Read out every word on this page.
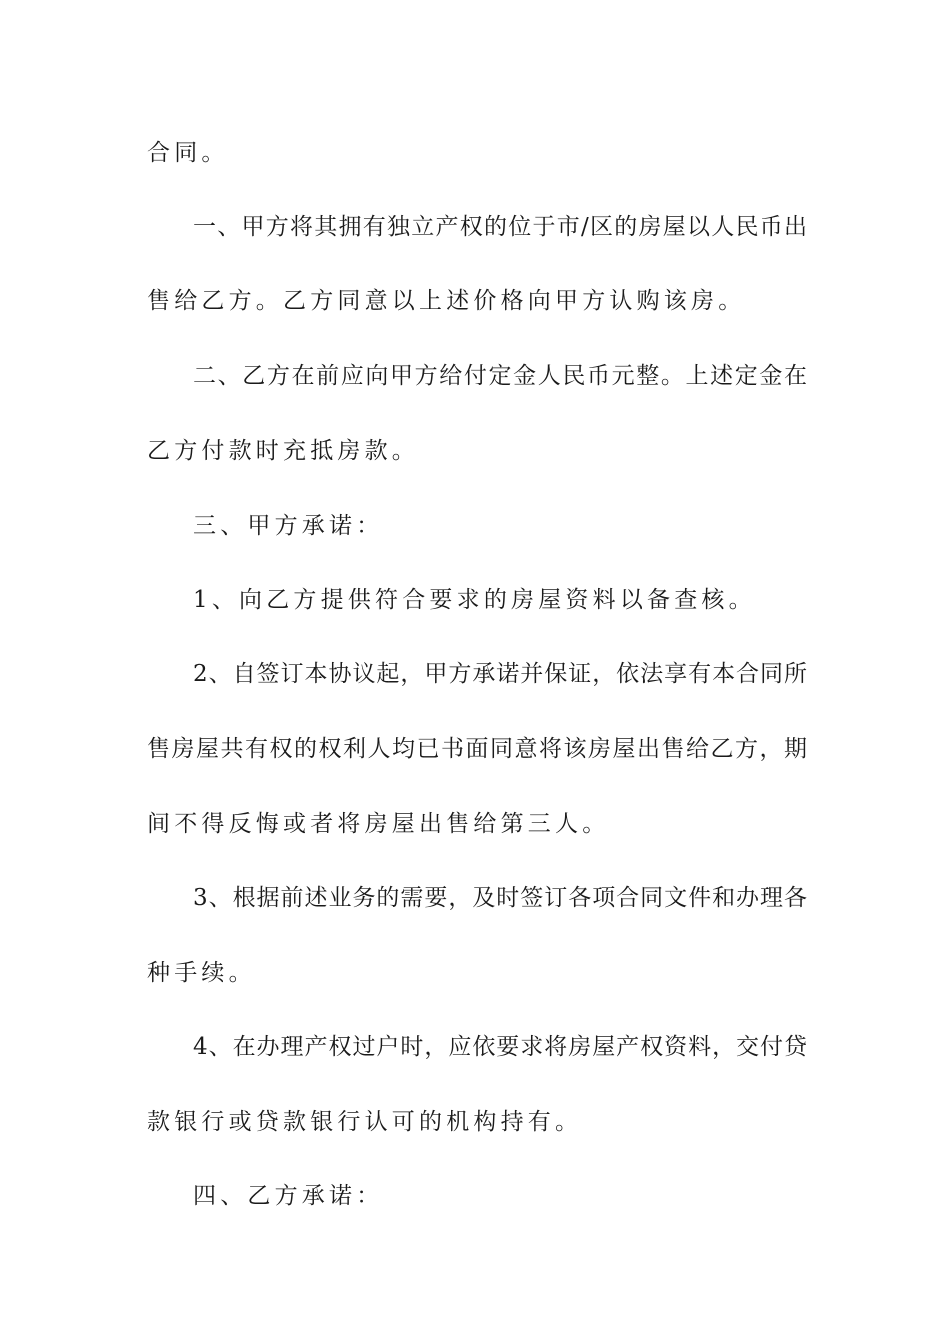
合同。
一、甲方将其拥有独立产权的位于市/区的房屋以人民币出
售给乙方。乙方同意以上述价格向甲方认购该房。
二、乙方在前应向甲方给付定金人民币元整。上述定金在
乙方付款时充抵房款。
三、甲方承诺：
1、向乙方提供符合要求的房屋资料以备查核。
2、自签订本协议起，甲方承诺并保证，依法享有本合同所
售房屋共有权的权利人均已书面同意将该房屋出售给乙方，期
间不得反悔或者将房屋出售给第三人。
3、根据前述业务的需要，及时签订各项合同文件和办理各
种手续。
4、在办理产权过户时，应依要求将房屋产权资料，交付贷
款银行或贷款银行认可的机构持有。
四、乙方承诺：
